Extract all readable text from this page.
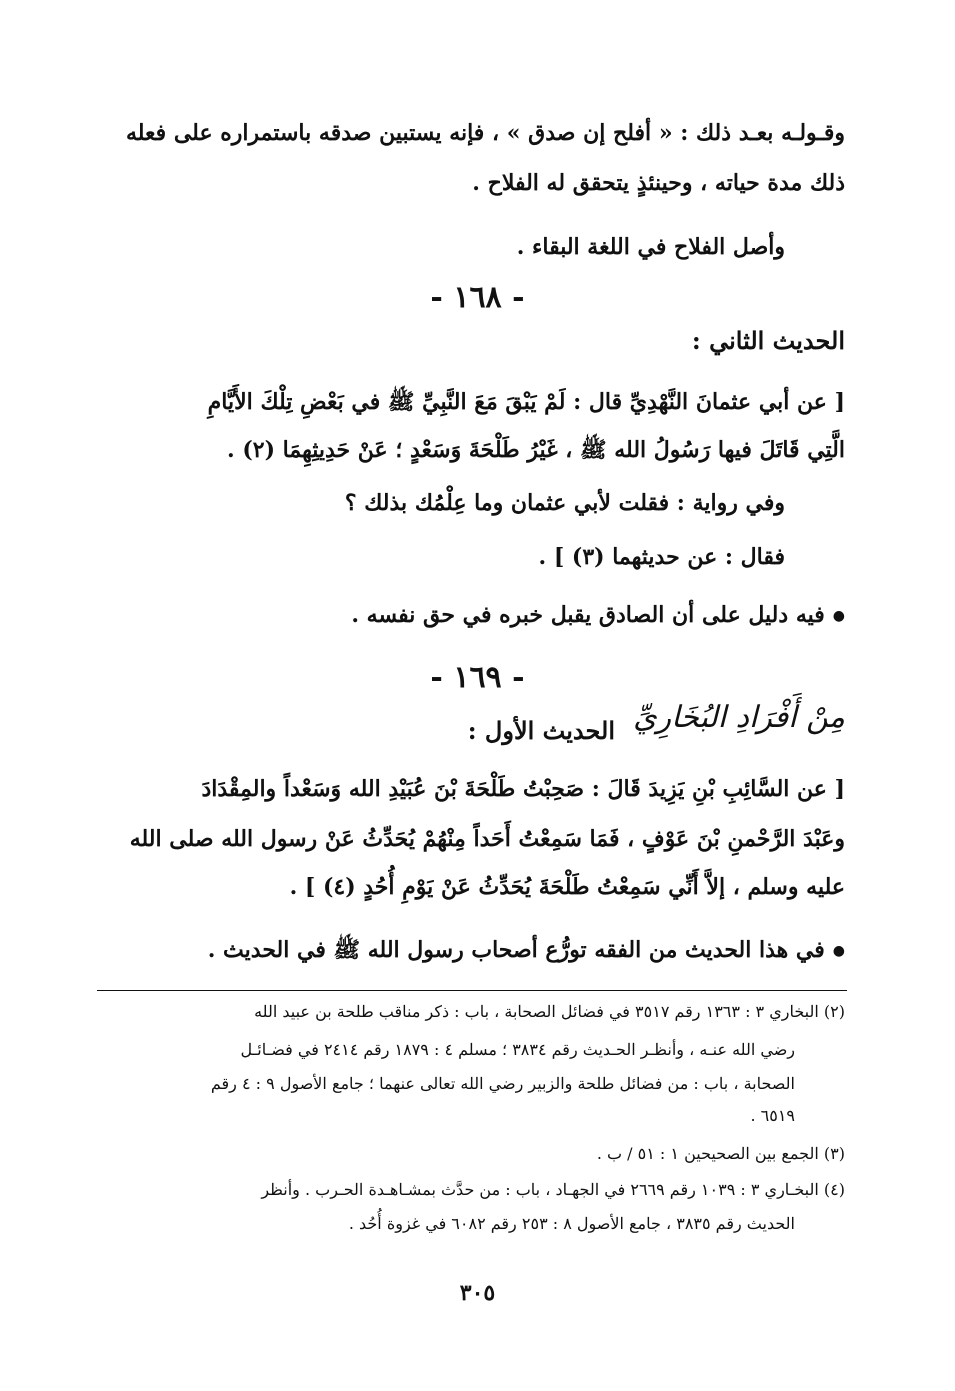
وقـولـه بعـد ذلك : « أفلح إن صدق » ، فإنه يستبين صدقه باستمراره على فعله
ذلك مدة حياته ، وحينئذٍ يتحقق له الفلاح .
وأصل الفلاح في اللغة البقاء .
- ١٦٨ -
الحديث الثاني :
[ عن أبي عثمانَ النَّهْدِيِّ قال : لَمْ يَبْقَ مَعَ النَّبِيِّ ﷺ في بَعْضِ تِلْكَ الأَيَّامِ
الَّتِي قَاتَلَ فيها رَسُولُ الله ﷺ ، غَيْرُ طَلْحَةَ وَسَعْدٍ ؛ عَنْ حَدِيثِهِمَا (٢) .
وفي رواية : فقلت لأبي عثمان وما عِلْمُك بذلك ؟
فقال : عن حديثهما (٣) ] .
● فيه دليل على أن الصادق يقبل خبره في حق نفسه .
- ١٦٩ -
مِنْ أَفْرَادِ البُخَارِيِّ
الحديث الأول :
[ عن السَّائِبِ بْنِ يَزِيدَ قَالَ : صَحِبْتُ طَلْحَةَ بْنَ عُبَيْدِ الله وَسَعْداً والمِقْدَادَ
وعَبْدَ الرَّحْمنِ بْنَ عَوْفٍ ، فَمَا سَمِعْتُ أَحَداً مِنْهُمْ يُحَدِّثُ عَنْ رسول الله صلى الله
عليه وسلم ، إلاَّ أَنِّي سَمِعْتُ طَلْحَةَ يُحَدِّثُ عَنْ يَوْمِ أُحُدٍ (٤) ] .
● في هذا الحديث من الفقه تورُّع أصحاب رسول الله ﷺ في الحديث .
(٢) البخاري ٣ : ١٣٦٣ رقم ٣٥١٧ في فضائل الصحابة ، باب : ذكر مناقب طلحة بن عبيد الله
رضي الله عنـه ، وأنظـر الحـديث رقم ٣٨٣٤ ؛ مسلم ٤ : ١٨٧٩ رقم ٢٤١٤ في فضـائـل
الصحابة ، باب : من فضائل طلحة والزبير رضي الله تعالى عنهما ؛ جامع الأصول ٩ : ٤ رقم
٦٥١٩ .
(٣) الجمع بين الصحيحين ١ : ٥١ / ب .
(٤) البخـاري ٣ : ١٠٣٩ رقم ٢٦٦٩ في الجهـاد ، باب : من حدَّث بمشـاهـدة الحـرب . وأنظر
الحديث رقم ٣٨٣٥ ، جامع الأصول ٨ : ٢٥٣ رقم ٦٠٨٢ في غزوة أُحُد .
٣٠٥
